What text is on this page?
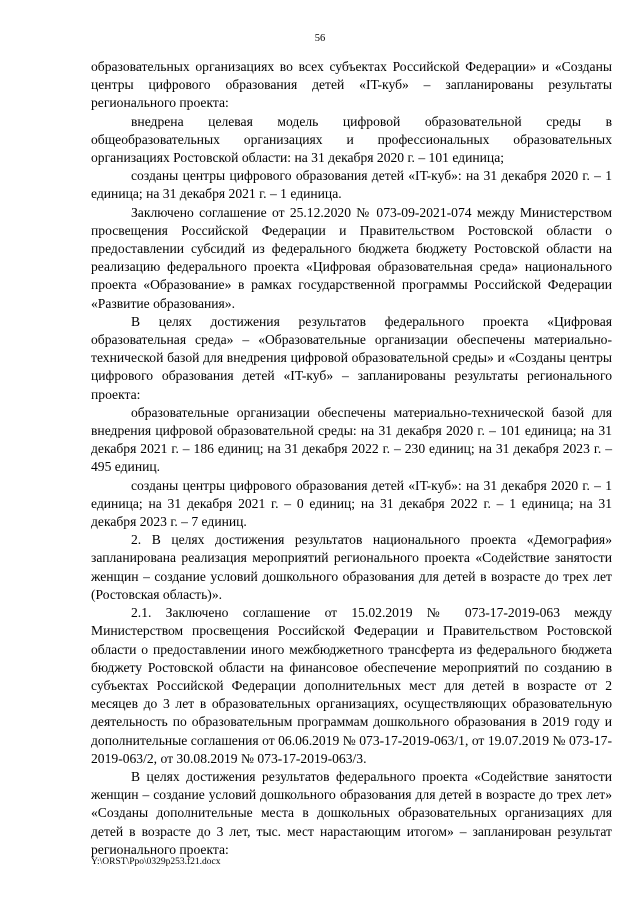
56

образовательных организациях во всех субъектах Российской Федерации» и «Созданы центры цифрового образования детей «IT-куб» – запланированы результаты регионального проекта:

внедрена целевая модель цифровой образовательной среды в общеобразовательных организациях и профессиональных образовательных организациях Ростовской области: на 31 декабря 2020 г. – 101 единица;

созданы центры цифрового образования детей «IT-куб»: на 31 декабря 2020 г. – 1 единица; на 31 декабря 2021 г. – 1 единица.

Заключено соглашение от 25.12.2020 № 073-09-2021-074 между Министерством просвещения Российской Федерации и Правительством Ростовской области о предоставлении субсидий из федерального бюджета бюджету Ростовской области на реализацию федерального проекта «Цифровая образовательная среда» национального проекта «Образование» в рамках государственной программы Российской Федерации «Развитие образования».

В целях достижения результатов федерального проекта «Цифровая образовательная среда» – «Образовательные организации обеспечены материально-технической базой для внедрения цифровой образовательной среды» и «Созданы центры цифрового образования детей «IT-куб» – запланированы результаты регионального проекта:

образовательные организации обеспечены материально-технической базой для внедрения цифровой образовательной среды: на 31 декабря 2020 г. – 101 единица; на 31 декабря 2021 г. – 186 единиц; на 31 декабря 2022 г. – 230 единиц; на 31 декабря 2023 г. – 495 единиц.

созданы центры цифрового образования детей «IT-куб»: на 31 декабря 2020 г. – 1 единица; на 31 декабря 2021 г. – 0 единиц; на 31 декабря 2022 г. – 1 единица; на 31 декабря 2023 г. – 7 единиц.

2. В целях достижения результатов национального проекта «Демография» запланирована реализация мероприятий регионального проекта «Содействие занятости женщин – создание условий дошкольного образования для детей в возрасте до трех лет (Ростовская область)».

2.1. Заключено соглашение от 15.02.2019 № 073-17-2019-063 между Министерством просвещения Российской Федерации и Правительством Ростовской области о предоставлении иного межбюджетного трансферта из федерального бюджета бюджету Ростовской области на финансовое обеспечение мероприятий по созданию в субъектах Российской Федерации дополнительных мест для детей в возрасте от 2 месяцев до 3 лет в образовательных организациях, осуществляющих образовательную деятельность по образовательным программам дошкольного образования в 2019 году и дополнительные соглашения от 06.06.2019 № 073-17-2019-063/1, от 19.07.2019 № 073-17-2019-063/2, от 30.08.2019 № 073-17-2019-063/3.

В целях достижения результатов федерального проекта «Содействие занятости женщин – создание условий дошкольного образования для детей в возрасте до трех лет» «Созданы дополнительные места в дошкольных образовательных организациях для детей в возрасте до 3 лет, тыс. мест нарастающим итогом» – запланирован результат регионального проекта:

Y:\ORST\Ppo\0329p253.f21.docx
